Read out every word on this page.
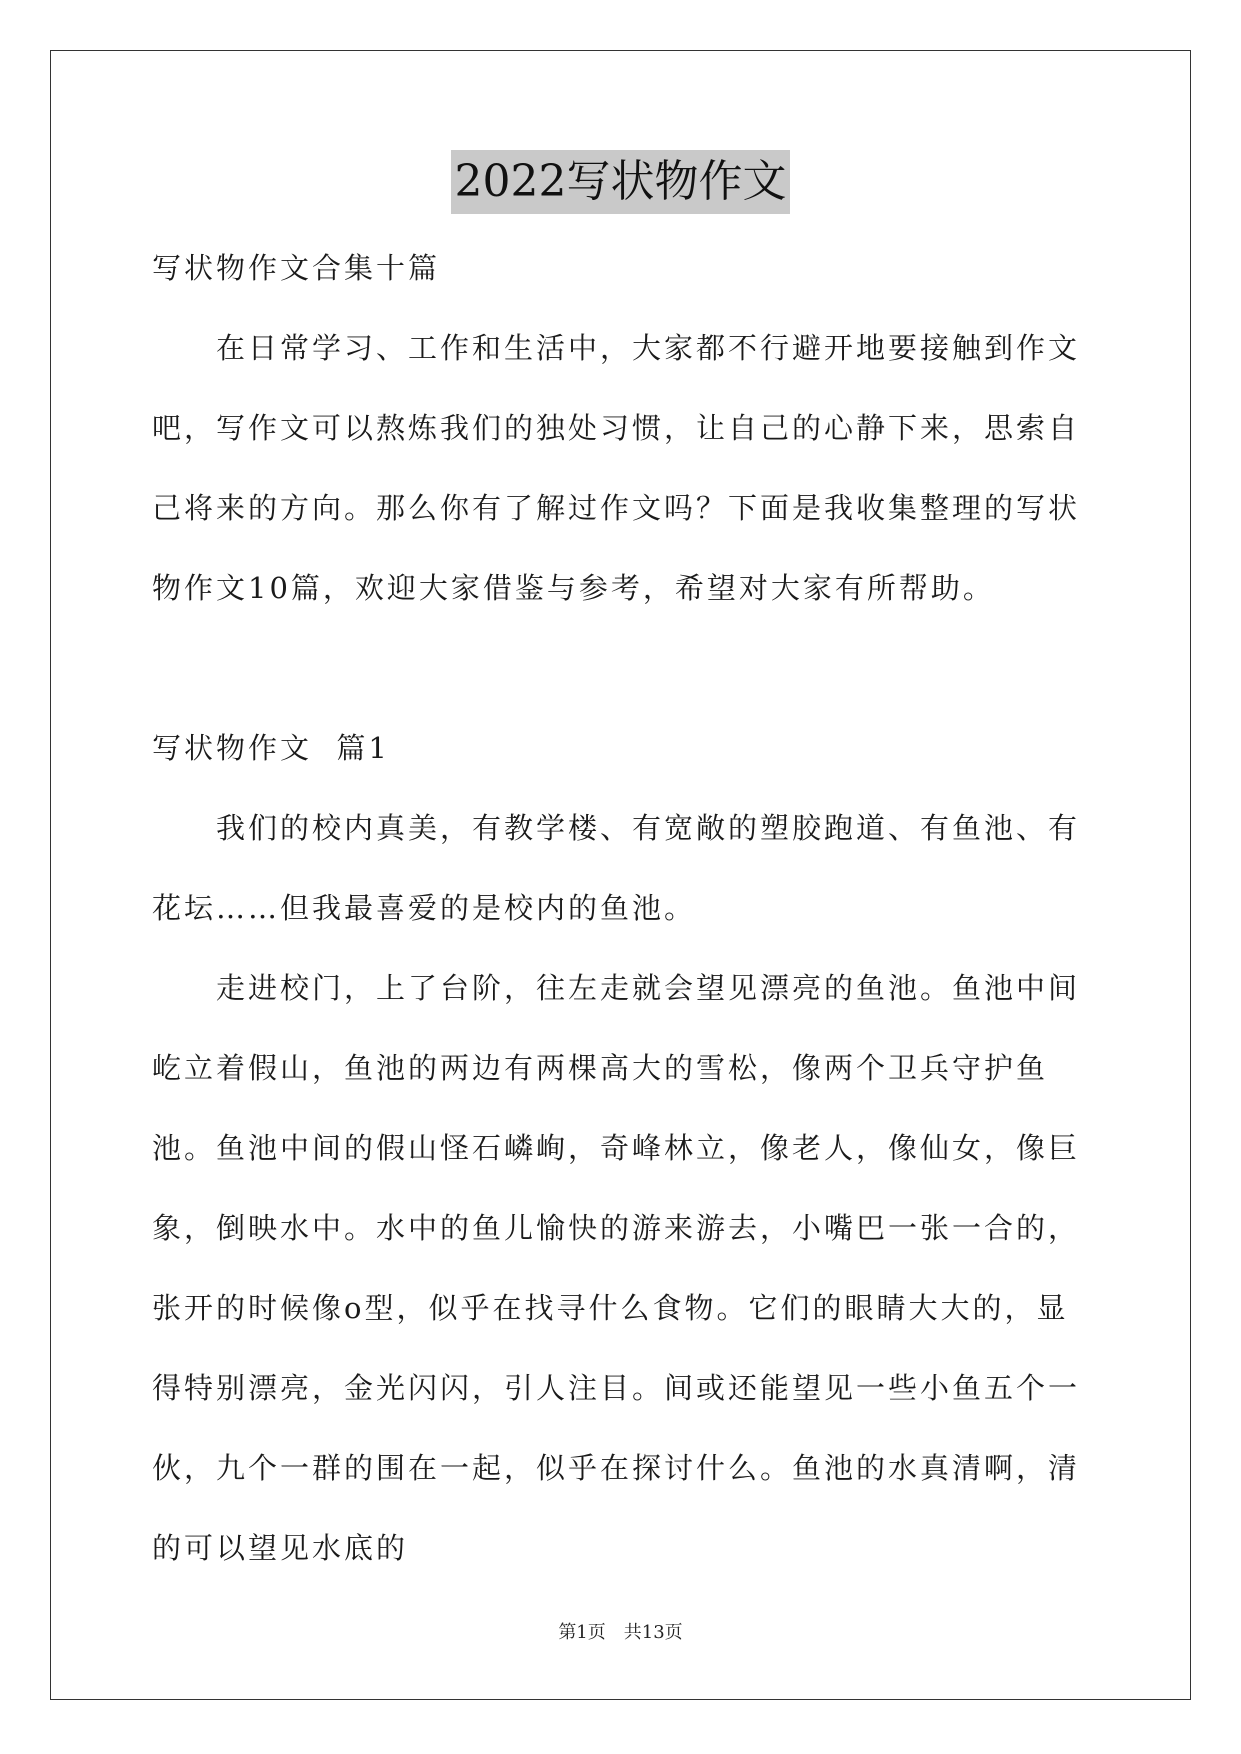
2022写状物作文

写状物作文合集十篇

在日常学习、工作和生活中，大家都不行避开地要接触到作文吧，写作文可以熬炼我们的独处习惯，让自己的心静下来，思索自己将来的方向。那么你有了解过作文吗？下面是我收集整理的写状物作文10篇，欢迎大家借鉴与参考，希望对大家有所帮助。

写状物作文  篇1

我们的校内真美，有教学楼、有宽敞的塑胶跑道、有鱼池、有花坛……但我最喜爱的是校内的鱼池。

走进校门，上了台阶，往左走就会望见漂亮的鱼池。鱼池中间屹立着假山，鱼池的两边有两棵高大的雪松，像两个卫兵守护鱼池。鱼池中间的假山怪石嶙峋，奇峰林立，像老人，像仙女，像巨象，倒映水中。水中的鱼儿愉快的游来游去，小嘴巴一张一合的，张开的时候像o型，似乎在找寻什么食物。它们的眼睛大大的，显得特别漂亮，金光闪闪，引人注目。间或还能望见一些小鱼五个一伙，九个一群的围在一起，似乎在探讨什么。鱼池的水真清啊，清的可以望见水底的

第1页 共13页
